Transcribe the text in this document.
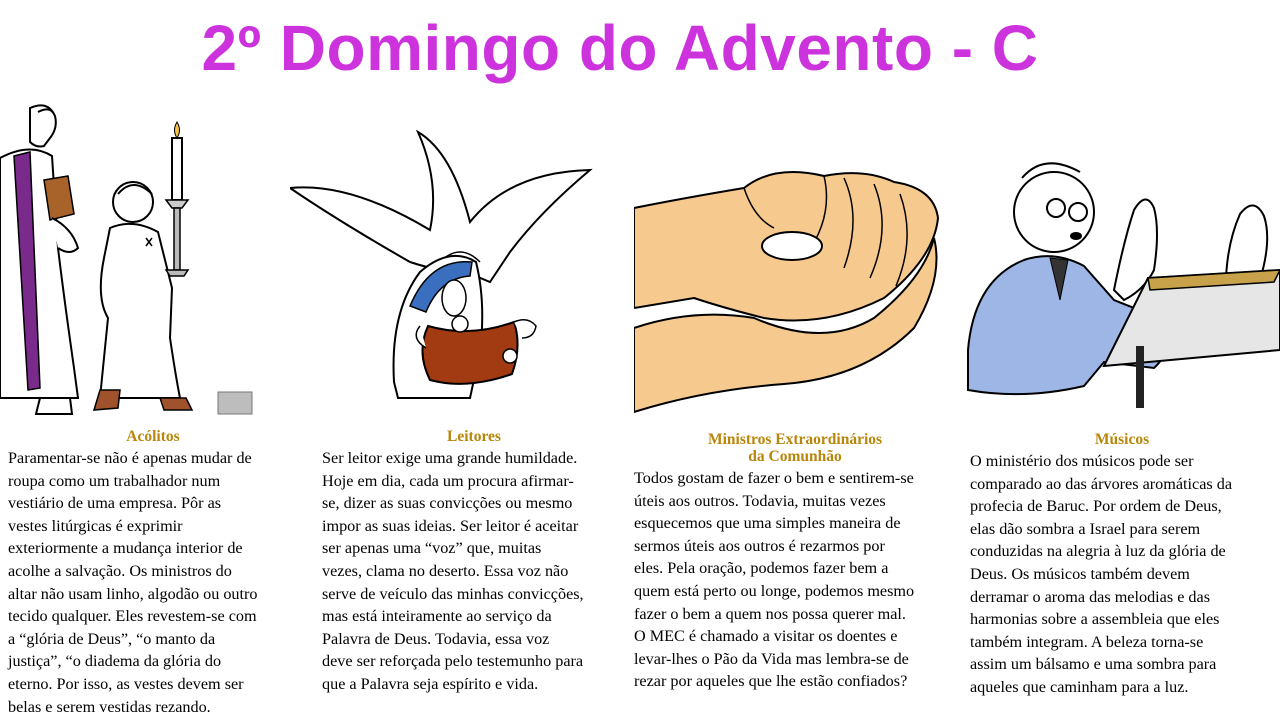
2º Domingo do Advento - C
Acólitos
Paramentar-se não é apenas mudar de
roupa como um trabalhador num
vestiário de uma empresa. Pôr as
vestes litúrgicas é exprimir
exteriormente a mudança interior de
acolhe a salvação. Os ministros do
altar não usam linho, algodão ou outro
tecido qualquer. Eles revestem-se com
a “glória de Deus”, “o manto da
justiça”, “o diadema da glória do
eterno. Por isso, as vestes devem ser
belas e serem vestidas rezando.
Leitores
Ser leitor exige uma grande humildade.
Hoje em dia, cada um procura afirmar-
se, dizer as suas convicções ou mesmo
impor as suas ideias. Ser leitor é aceitar
ser apenas uma “voz” que, muitas
vezes, clama no deserto. Essa voz não
serve de veículo das minhas convicções,
mas está inteiramente ao serviço da
Palavra de Deus. Todavia, essa voz
deve ser reforçada pelo testemunho para
que a Palavra seja espírito e vida.
Ministros Extraordinários
da Comunhão
Todos gostam de fazer o bem e sentirem-se
úteis aos outros. Todavia, muitas vezes
esquecemos que uma simples maneira de
sermos úteis aos outros é rezarmos por
eles. Pela oração, podemos fazer bem a
quem está perto ou longe, podemos mesmo
fazer o bem a quem nos possa querer mal.
O MEC é chamado a visitar os doentes e
levar-lhes o Pão da Vida mas lembra-se de
rezar por aqueles que lhe estão confiados?
Músicos
O ministério dos músicos pode ser
comparado ao das árvores aromáticas da
profecia de Baruc. Por ordem de Deus,
elas dão sombra a Israel para serem
conduzidas na alegria à luz da glória de
Deus. Os músicos também devem
derramar o aroma das melodias e das
harmonias sobre a assembleia que eles
também integram. A beleza torna-se
assim um bálsamo e uma sombra para
aqueles que caminham para a luz.
